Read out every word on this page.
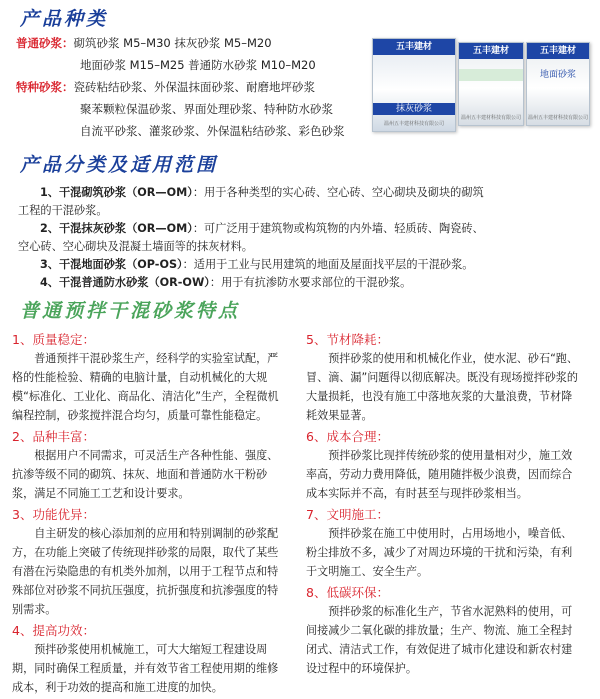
产品种类
普通砂浆：砌筑砂浆 M5–M30 抹灰砂浆 M5–M20
地面砂浆 M15–M25 普通防水砂浆 M10–M20
特种砂浆：瓷砖粘结砂浆、外保温抹面砂浆、耐磨地坪砂浆
聚苯颗粒保温砂浆、界面处理砂浆、特种防水砂浆
自流平砂浆、灌浆砂浆、外保温粘结砂浆、彩色砂浆
五丰建材
抹灰砂浆
温州五丰建材科技有限公司
五丰建材
温州五丰建材科技有限公司
五丰建材
地面砂浆
温州五丰建材科技有限公司
产品分类及适用范围
1、干混砌筑砂浆（OR—OM）：用于各种类型的实心砖、空心砖、空心砌块及砌块的砌筑
工程的干混砂浆。
2、干混抹灰砂浆（OR—OM）：可广泛用于建筑物或构筑物的内外墙、轻质砖、陶瓷砖、
空心砖、空心砌块及混凝土墙面等的抹灰材料。
3、干混地面砂浆（OP-OS）：适用于工业与民用建筑的地面及屋面找平层的干混砂浆。
4、干混普通防水砂浆（OR-OW）：用于有抗渗防水要求部位的干混砂浆。
普通预拌干混砂浆特点
1、质量稳定：

普通预拌干混砂浆生产，经科学的实验室试配，严格的性能检验、精确的电脑计量，自动机械化的大规模“标准化、工业化、商品化、清洁化”生产，全程微机编程控制，砂浆搅拌混合均匀，质量可靠性能稳定。

2、品种丰富：

根据用户不同需求，可灵活生产各种性能、强度、抗渗等级不同的砌筑、抹灰、地面和普通防水干粉砂浆，满足不同施工工艺和设计要求。

3、功能优异：

自主研发的核心添加剂的应用和特别调制的砂浆配方，在功能上突破了传统现拌砂浆的局限，取代了某些有潜在污染隐患的有机类外加剂，以用于工程节点和特殊部位对砂浆不同抗压强度，抗折强度和抗渗强度的特别需求。

4、提高功效：

预拌砂浆使用机械施工，可大大缩短工程建设周期，同时确保工程质量，并有效节省工程使用期的维修成本，利于功效的提高和施工进度的加快。

5、节材降耗：

预拌砂浆的使用和机械化作业，使水泥、砂石“跑、冒、滴、漏”问题得以彻底解决。既没有现场搅拌砂浆的大量损耗，也没有施工中落地灰浆的大量浪费，节材降耗效果显著。

6、成本合理：

预拌砂浆比现拌传统砂浆的使用量相对少，施工效率高，劳动力费用降低，随用随拌极少浪费，因而综合成本实际并不高，有时甚至与现拌砂浆相当。

7、文明施工：

预拌砂浆在施工中使用时，占用场地小，噪音低、粉尘排放不多，减少了对周边环境的干扰和污染，有利于文明施工、安全生产。

8、低碳环保：

预拌砂浆的标准化生产，节省水泥熟料的使用，可间接减少二氧化碳的排放量；生产、物流、施工全程封闭式、清洁式工作，有效促进了城市化建设和新农村建设过程中的环境保护。
